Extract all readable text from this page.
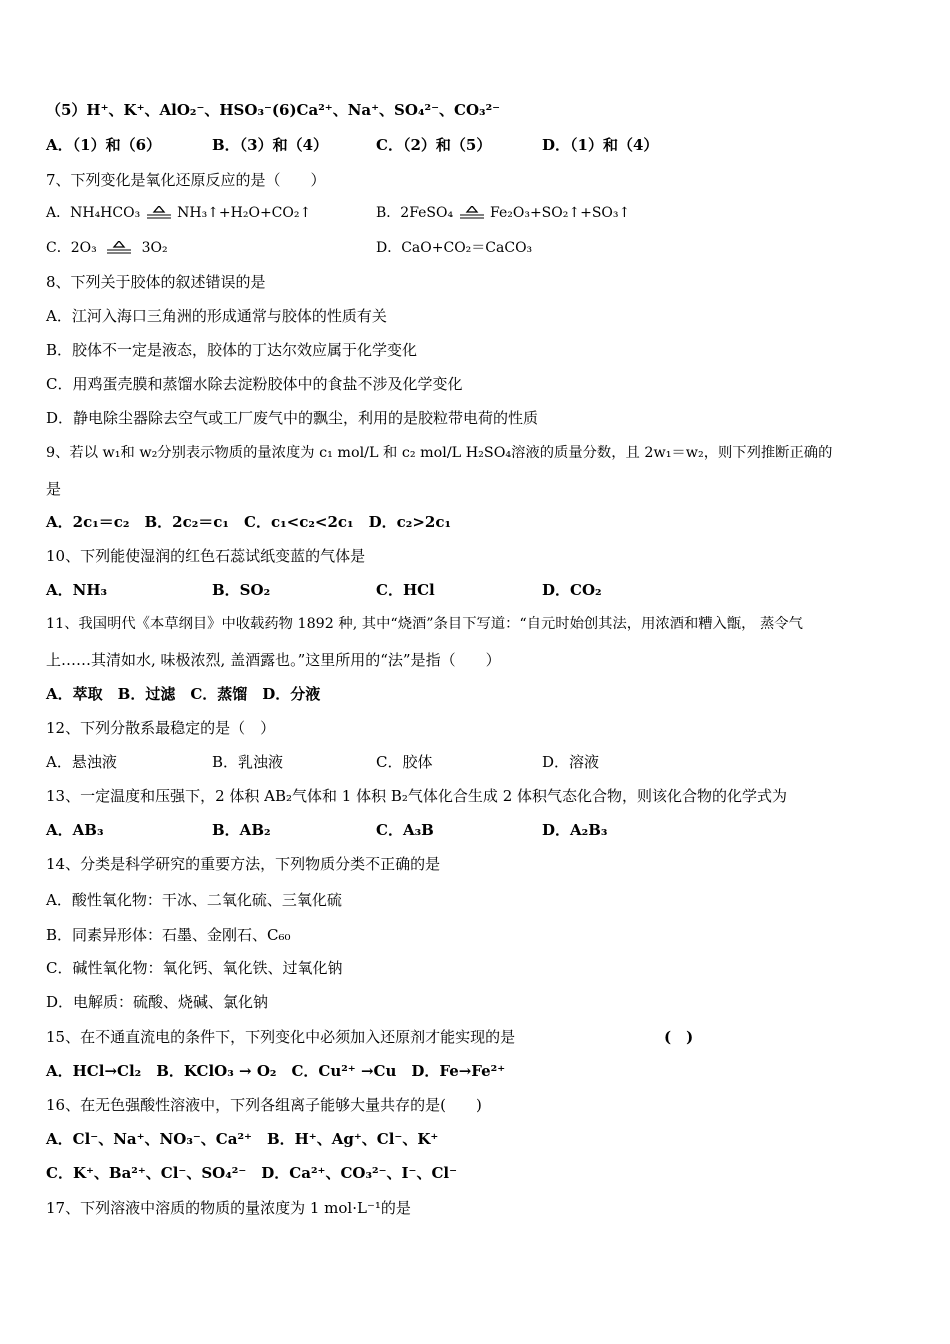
（5）H⁺、K⁺、AlO₂⁻、HSO₃⁻(6)Ca²⁺、Na⁺、SO₄²⁻、CO₃²⁻
A．（1）和（6）	B．（3）和（4）	C．（2）和（5）	D．（1）和（4）
7、下列变化是氧化还原反应的是（　　）
A．NH₄HCO₃	NH₃↑+H₂O+CO₂↑	B．2FeSO₄	Fe₂O₃+SO₂↑+SO₃↑
C．2O₃	3O₂	D．CaO+CO₂＝CaCO₃
8、下列关于胶体的叙述错误的是
A．江河入海口三角洲的形成通常与胶体的性质有关
B．胶体不一定是液态，胶体的丁达尔效应属于化学变化
C．用鸡蛋壳膜和蒸馏水除去淀粉胶体中的食盐不涉及化学变化
D．静电除尘器除去空气或工厂废气中的飘尘，利用的是胶粒带电荷的性质
9、若以 w₁和 w₂分别表示物质的量浓度为 c₁ mol/L 和 c₂ mol/L H₂SO₄溶液的质量分数，且 2w₁＝w₂，则下列推断正确的
是
A．2c₁＝c₂　B．2c₂＝c₁　C．c₁<c₂<2c₁　D．c₂>2c₁
10、下列能使湿润的红色石蕊试纸变蓝的气体是
A．NH₃	B．SO₂	C．HCl	D．CO₂
11、我国明代《本草纲目》中收载药物 1892 种, 其中“烧酒”条目下写道：“自元时始创其法，用浓酒和糟入甑， 蒸令气
上……其清如水, 味极浓烈, 盖酒露也。”这里所用的“法”是指（　　）
A．萃取　B．过滤　C．蒸馏　D．分液
12、下列分散系最稳定的是（　）
A．悬浊液	B．乳浊液	C．胶体	D．溶液
13、一定温度和压强下，2 体积 AB₂气体和 1 体积 B₂气体化合生成 2 体积气态化合物，则该化合物的化学式为
A．AB₃	B．AB₂	C．A₃B	D．A₂B₃
14、分类是科学研究的重要方法，下列物质分类不正确的是
A．酸性氧化物：干冰、二氧化硫、三氧化硫
B．同素异形体：石墨、金刚石、C₆₀
C．碱性氧化物：氧化钙、氧化铁、过氧化钠
D．电解质：硫酸、烧碱、氯化钠
15、在不通直流电的条件下，下列变化中必须加入还原剂才能实现的是	(　)
A．HCl→Cl₂　B．KClO₃ → O₂　C．Cu²⁺ →Cu　D．Fe→Fe²⁺
16、在无色强酸性溶液中，下列各组离子能够大量共存的是(　　)
A．Cl⁻、Na⁺、NO₃⁻、Ca²⁺　B．H⁺、Ag⁺、Cl⁻、K⁺
C．K⁺、Ba²⁺、Cl⁻、SO₄²⁻　D．Ca²⁺、CO₃²⁻、I⁻、Cl⁻
17、下列溶液中溶质的物质的量浓度为 1 mol·L⁻¹的是
